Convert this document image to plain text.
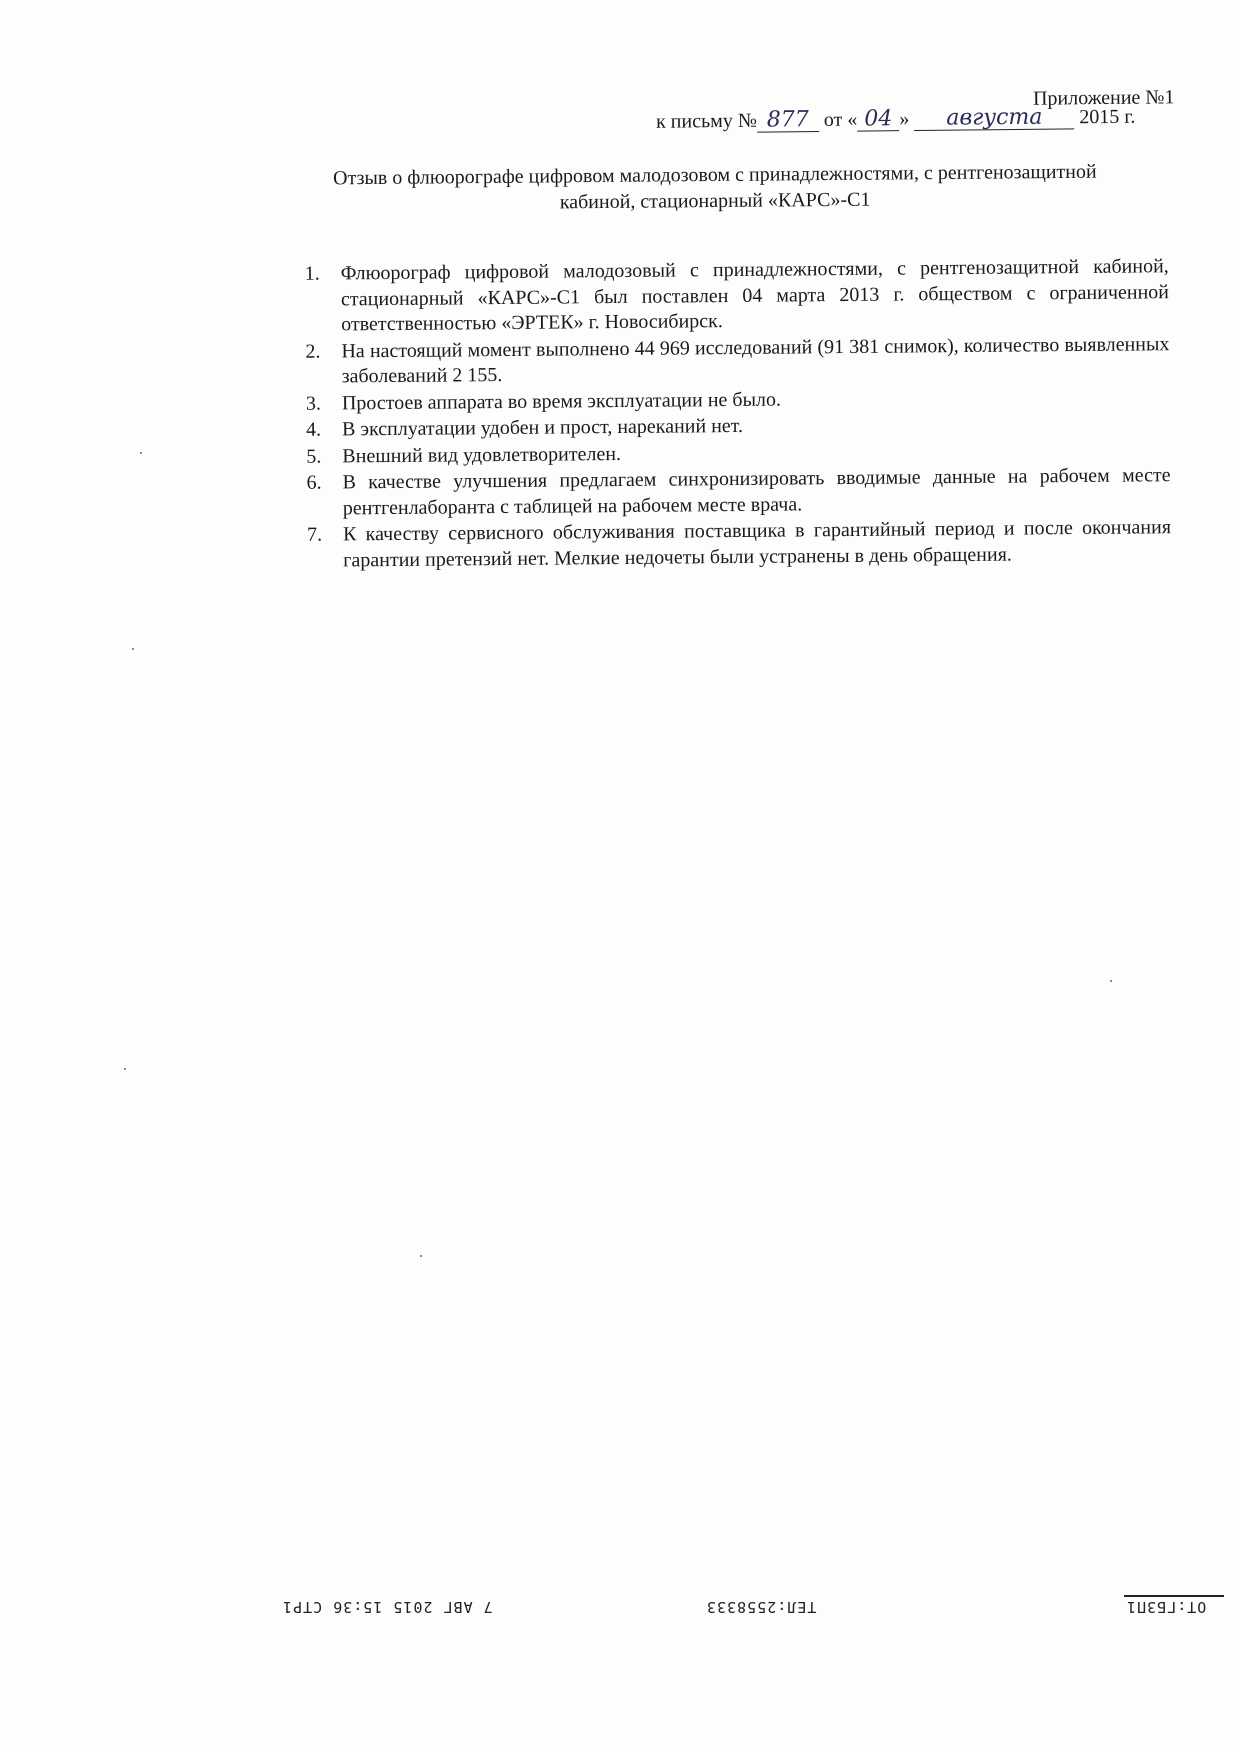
Приложение №1
к письму № 877 от « 04 » августа 2015 г.
Отзыв о флюорографе цифровом малодозовом с принадлежностями, с рентгенозащитной
кабиной, стационарный «КАРС»-С1
1. Флюорограф цифровой малодозовый с принадлежностями, с рентгенозащитной кабиной, стационарный «КАРС»-С1 был поставлен 04 марта 2013 г. обществом с ограниченной ответственностью «ЭРТЕК» г. Новосибирск.
2. На настоящий момент выполнено 44 969 исследований (91 381 снимок), количество выявленных заболеваний 2 155.
3. Простоев аппарата во время эксплуатации не было.
4. В эксплуатации удобен и прост, нареканий нет.
5. Внешний вид удовлетворителен.
6. В качестве улучшения предлагаем синхронизировать вводимые данные на рабочем месте рентгенлаборанта с таблицей на рабочем месте врача.
7. К качеству сервисного обслуживания поставщика в гарантийный период и после окончания гарантии претензий нет. Мелкие недочеты были устранены в день обращения.
7 АВГ 2015 15:36 СТР1	ТЕЛ:2558333	ОТ:ГБЗП1
